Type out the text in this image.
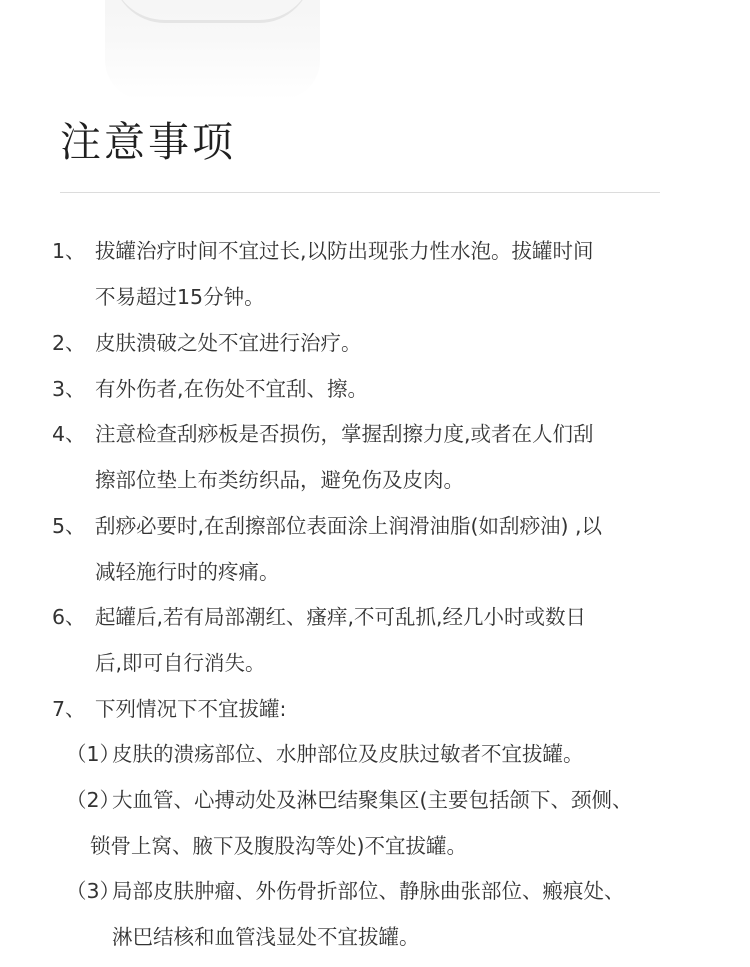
注意事项
1、 拔罐治疗时间不宜过长,以防出现张力性水泡。拔罐时间
不易超过15分钟。
2、 皮肤溃破之处不宜进行治疗。
3、 有外伤者,在伤处不宜刮、擦。
4、 注意检查刮痧板是否损伤，掌握刮擦力度,或者在人们刮
擦部位垫上布类纺织品，避免伤及皮肉。
5、 刮痧必要时,在刮擦部位表面涂上润滑油脂(如刮痧油) ,以
减轻施行时的疼痛。
6、 起罐后,若有局部潮红、瘙痒,不可乱抓,经几小时或数日
后,即可自行消失。
7、 下列情况下不宜拔罐:
（1）
皮肤的溃疡部位、水肿部位及皮肤过敏者不宜拔罐。
（2）
大血管、心搏动处及淋巴结聚集区(主要包括颌下、颈侧、
锁骨上窝、腋下及腹股沟等处)不宜拔罐。
（3）
局部皮肤肿瘤、外伤骨折部位、静脉曲张部位、瘢痕处、
淋巴结核和血管浅显处不宜拔罐。
